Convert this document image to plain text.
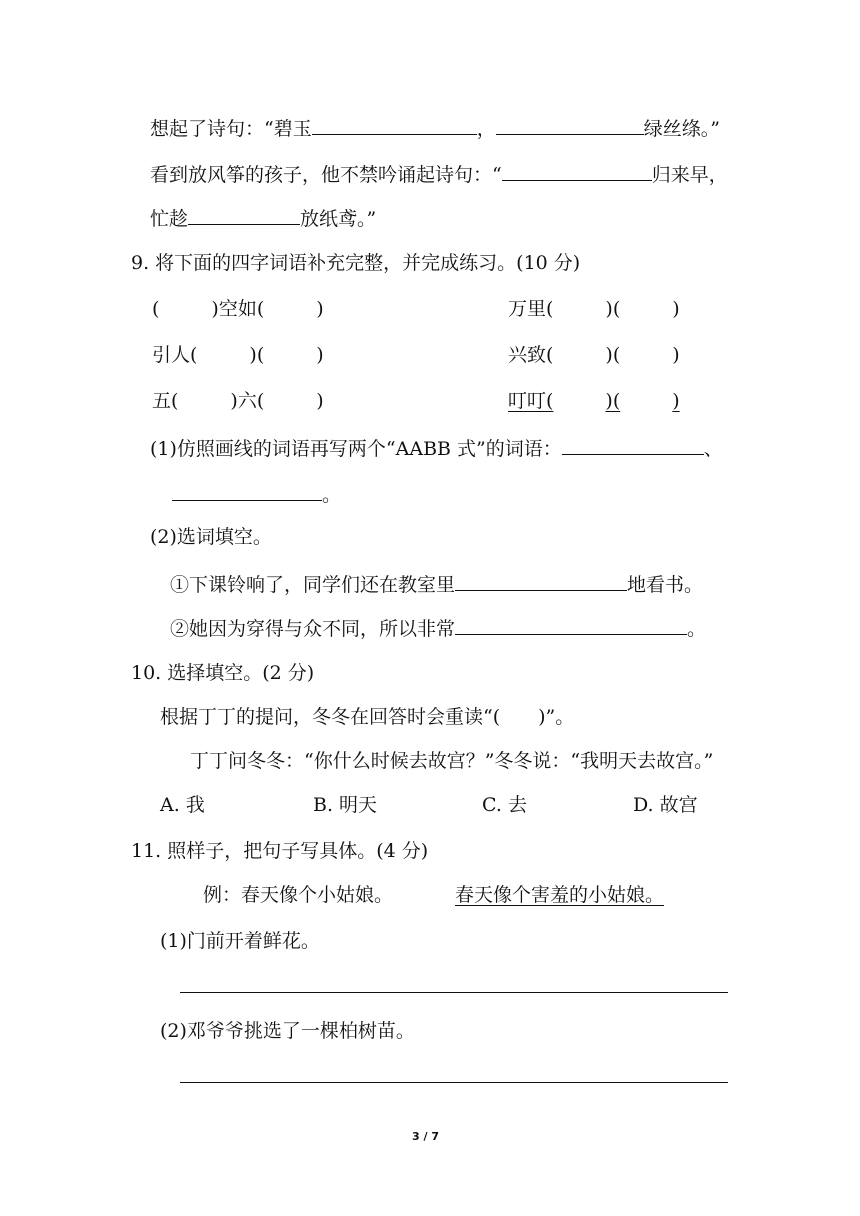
想起了诗句：“碧玉	，	绿丝绦。”
看到放风筝的孩子，他不禁吟诵起诗句：“	归来早，
忙趁	放纸鸢。”
9. 将下面的四字词语补充完整，并完成练习。(10 分)
(	)空如(	)	万里(	)(	)
引人(	)(	)	兴致(	)(	)
五(	)六(	)	叮叮(	)(	)
(1)仿照画线的词语再写两个“AABB 式”的词语：	、
。
(2)选词填空。
①下课铃响了，同学们还在教室里	地看书。
②她因为穿得与众不同，所以非常	。
10. 选择填空。(2 分)
根据丁丁的提问，冬冬在回答时会重读“(　　)”。
丁丁问冬冬：“你什么时候去故宫？”冬冬说：“我明天去故宫。”
A. 我	B. 明天	C. 去	D. 故宫
11. 照样子，把句子写具体。(4 分)
例：春天像个小姑娘。	春天像个害羞的小姑娘。
(1)门前开着鲜花。
(2)邓爷爷挑选了一棵柏树苗。
3 / 7
